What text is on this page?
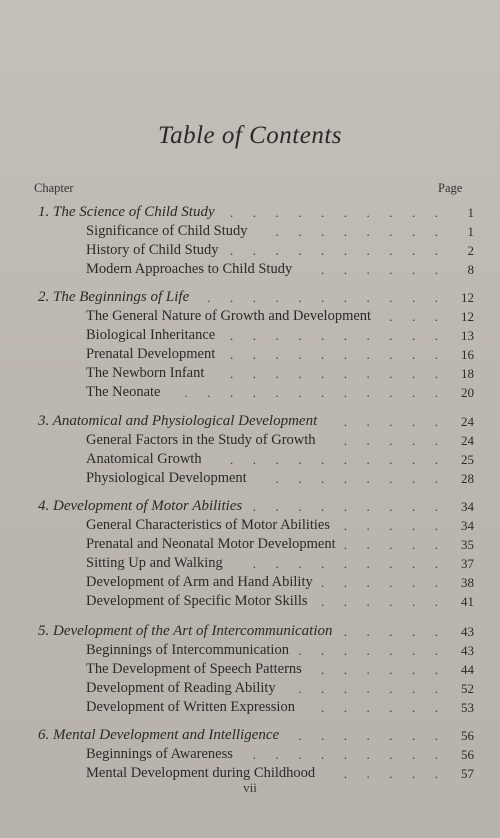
Table of Contents
Chapter	Page
1. The Science of Child Study .   .   .   .   .   .   .   .   .   .	1
Significance of Child Study .   .   .   .   .   .   .   .	1
History of Child Study .   .   .   .   .   .   .   .   .   .	2
Modern Approaches to Child Study .   .   .   .   .   .	8
2. The Beginnings of Life .   .   .   .   .   .   .   .   .   .   .	12
The General Nature of Growth and Development .   .   .	12
Biological Inheritance .   .   .   .   .   .   .   .   .   .	13
Prenatal Development .   .   .   .   .   .   .   .   .   .	16
The Newborn Infant .   .   .   .   .   .   .   .   .   .	18
The Neonate .   .   .   .   .   .   .   .   .   .   .   .	20
3. Anatomical and Physiological Development .   .   .   .   .	24
General Factors in the Study of Growth .   .   .   .   .	24
Anatomical Growth .   .   .   .   .   .   .   .   .   .	25
Physiological Development .   .   .   .   .   .   .   .	28
4. Development of Motor Abilities .   .   .   .   .   .   .   .   .	34
General Characteristics of Motor Abilities .   .   .   .   .	34
Prenatal and Neonatal Motor Development .   .   .   .   .	35
Sitting Up and Walking .   .   .   .   .   .   .   .   .	37
Development of Arm and Hand Ability .   .   .   .   .   .	38
Development of Specific Motor Skills .   .   .   .   .   .	41
5. Development of the Art of Intercommunication .   .   .   .   .	43
Beginnings of Intercommunication .   .   .   .   .   .   .	43
The Development of Speech Patterns .   .   .   .   .   .	44
Development of Reading Ability .   .   .   .   .   .   .	52
Development of Written Expression .   .   .   .   .   .	53
6. Mental Development and Intelligence .   .   .   .   .   .   .	56
Beginnings of Awareness .   .   .   .   .   .   .   .   .	56
Mental Development during Childhood .   .   .   .   .	57
vii
